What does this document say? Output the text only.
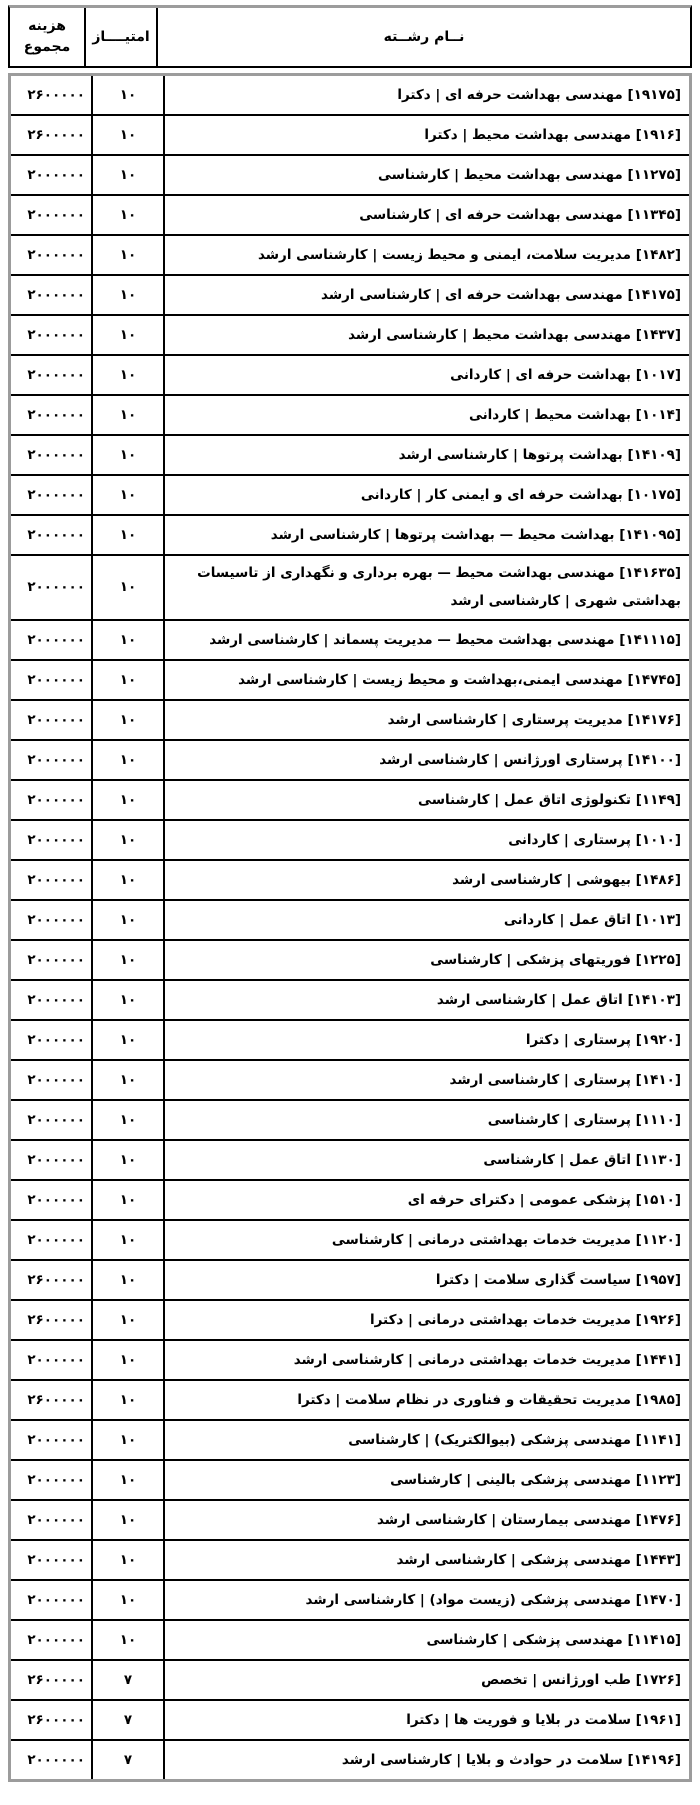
نــام رشــته
امتیــــاز
هزینه
مجموع
[۱۹۱۷۵] مهندسی بهداشت حرفه ای | دکترا
۱۰
۲۶۰۰۰۰۰
[۱۹۱۶] مهندسی بهداشت محیط | دکترا
۱۰
۲۶۰۰۰۰۰
[۱۱۲۷۵] مهندسی بهداشت محیط | کارشناسی
۱۰
۲۰۰۰۰۰۰
[۱۱۳۴۵] مهندسی بهداشت حرفه ای | کارشناسی
۱۰
۲۰۰۰۰۰۰
[۱۴۸۲] مدیریت سلامت، ایمنی و محیط زیست | کارشناسی ارشد
۱۰
۲۰۰۰۰۰۰
[۱۴۱۷۵] مهندسی بهداشت حرفه ای | کارشناسی ارشد
۱۰
۲۰۰۰۰۰۰
[۱۴۳۷] مهندسی بهداشت محیط | کارشناسی ارشد
۱۰
۲۰۰۰۰۰۰
[۱۰۱۷] بهداشت حرفه ای | کاردانی
۱۰
۲۰۰۰۰۰۰
[۱۰۱۴] بهداشت محیط | کاردانی
۱۰
۲۰۰۰۰۰۰
[۱۴۱۰۹] بهداشت پرتوها | کارشناسی ارشد
۱۰
۲۰۰۰۰۰۰
[۱۰۱۷۵] بهداشت حرفه ای و ایمنی کار | کاردانی
۱۰
۲۰۰۰۰۰۰
[۱۴۱۰۹۵] بهداشت محیط — بهداشت پرتوها | کارشناسی ارشد
۱۰
۲۰۰۰۰۰۰
[۱۴۱۶۳۵] مهندسی بهداشت محیط — بهره برداری و نگهداری از تاسیسات بهداشتی شهری | کارشناسی ارشد
۱۰
۲۰۰۰۰۰۰
[۱۴۱۱۱۵] مهندسی بهداشت محیط — مدیریت پسماند | کارشناسی ارشد
۱۰
۲۰۰۰۰۰۰
[۱۴۷۴۵] مهندسی ایمنی،بهداشت و محیط زیست | کارشناسی ارشد
۱۰
۲۰۰۰۰۰۰
[۱۴۱۷۶] مدیریت پرستاری | کارشناسی ارشد
۱۰
۲۰۰۰۰۰۰
[۱۴۱۰۰] پرستاری اورژانس | کارشناسی ارشد
۱۰
۲۰۰۰۰۰۰
[۱۱۴۹] تکنولوژی اتاق عمل | کارشناسی
۱۰
۲۰۰۰۰۰۰
[۱۰۱۰] پرستاری | کاردانی
۱۰
۲۰۰۰۰۰۰
[۱۴۸۶] بیهوشی | کارشناسی ارشد
۱۰
۲۰۰۰۰۰۰
[۱۰۱۳] اتاق عمل | کاردانی
۱۰
۲۰۰۰۰۰۰
[۱۲۲۵] فوریتهای پزشکی | کارشناسی
۱۰
۲۰۰۰۰۰۰
[۱۴۱۰۳] اتاق عمل | کارشناسی ارشد
۱۰
۲۰۰۰۰۰۰
[۱۹۲۰] پرستاری | دکترا
۱۰
۲۰۰۰۰۰۰
[۱۴۱۰] پرستاری | کارشناسی ارشد
۱۰
۲۰۰۰۰۰۰
[۱۱۱۰] پرستاری | کارشناسی
۱۰
۲۰۰۰۰۰۰
[۱۱۳۰] اتاق عمل | کارشناسی
۱۰
۲۰۰۰۰۰۰
[۱۵۱۰] پزشکی عمومی | دکترای حرفه ای
۱۰
۲۰۰۰۰۰۰
[۱۱۲۰] مدیریت خدمات بهداشتی درمانی | کارشناسی
۱۰
۲۰۰۰۰۰۰
[۱۹۵۷] سیاست گذاری سلامت | دکترا
۱۰
۲۶۰۰۰۰۰
[۱۹۲۶] مدیریت خدمات بهداشتی درمانی | دکترا
۱۰
۲۶۰۰۰۰۰
[۱۴۴۱] مدیریت خدمات بهداشتی درمانی | کارشناسی ارشد
۱۰
۲۰۰۰۰۰۰
[۱۹۸۵] مدیریت تحقیقات و فناوری در نظام سلامت | دکترا
۱۰
۲۶۰۰۰۰۰
[۱۱۴۱] مهندسی پزشکی (بیوالکتریک) | کارشناسی
۱۰
۲۰۰۰۰۰۰
[۱۱۲۳] مهندسی پزشکی بالینی | کارشناسی
۱۰
۲۰۰۰۰۰۰
[۱۴۷۶] مهندسی بیمارستان | کارشناسی ارشد
۱۰
۲۰۰۰۰۰۰
[۱۴۴۳] مهندسی پزشکی | کارشناسی ارشد
۱۰
۲۰۰۰۰۰۰
[۱۴۷۰] مهندسی پزشکی (زیست مواد) | کارشناسی ارشد
۱۰
۲۰۰۰۰۰۰
[۱۱۴۱۵] مهندسی پزشکی | کارشناسی
۱۰
۲۰۰۰۰۰۰
[۱۷۲۶] طب اورژانس | تخصص
۷
۲۶۰۰۰۰۰
[۱۹۶۱] سلامت در بلایا و فوریت ها | دکترا
۷
۲۶۰۰۰۰۰
[۱۴۱۹۶] سلامت در حوادث و بلایا | کارشناسی ارشد
۷
۲۰۰۰۰۰۰
